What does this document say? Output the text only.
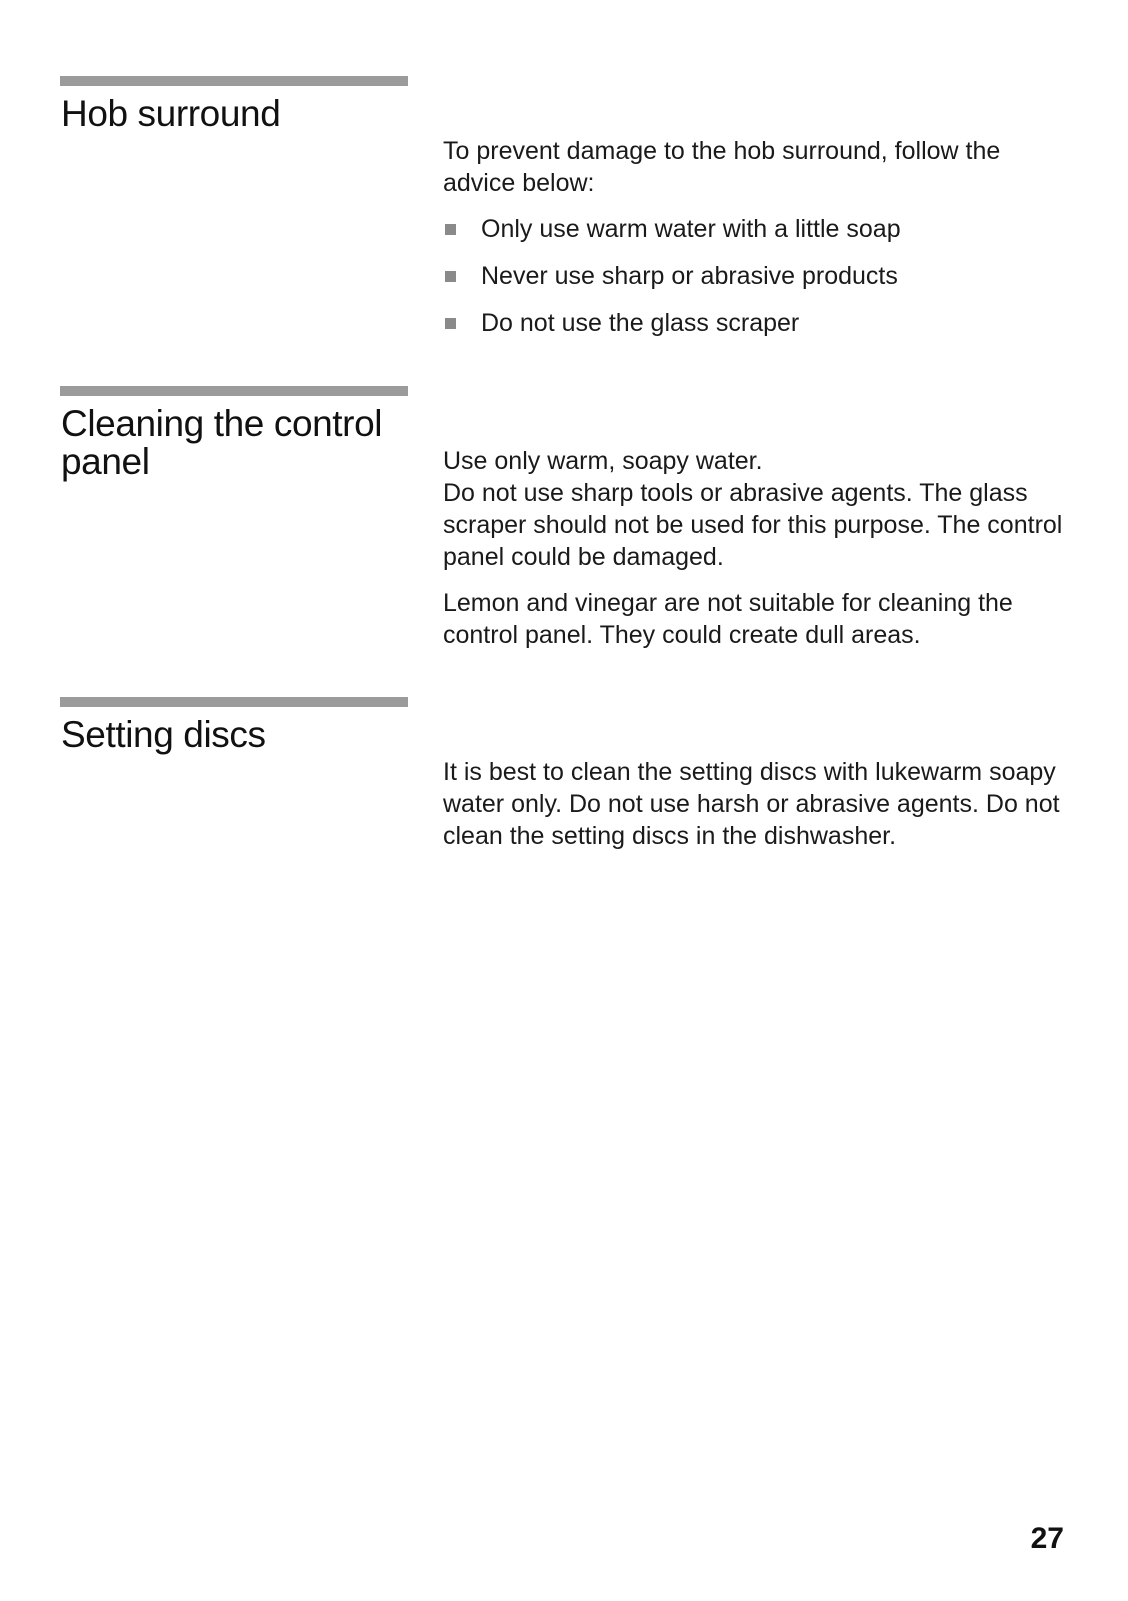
Hob surround

To prevent damage to the hob surround, follow the advice below:

Only use warm water with a little soap
Never use sharp or abrasive products
Do not use the glass scraper
Cleaning the control panel	Use only warm, soapy water.

Do not use sharp tools or abrasive agents. The glass scraper should not be used for this purpose. The control panel could be damaged.

Lemon and vinegar are not suitable for cleaning the control panel. They could create dull areas.

Setting discs

It is best to clean the setting discs with lukewarm soapy water only. Do not use harsh or abrasive agents. Do not clean the setting discs in the dishwasher.

27
